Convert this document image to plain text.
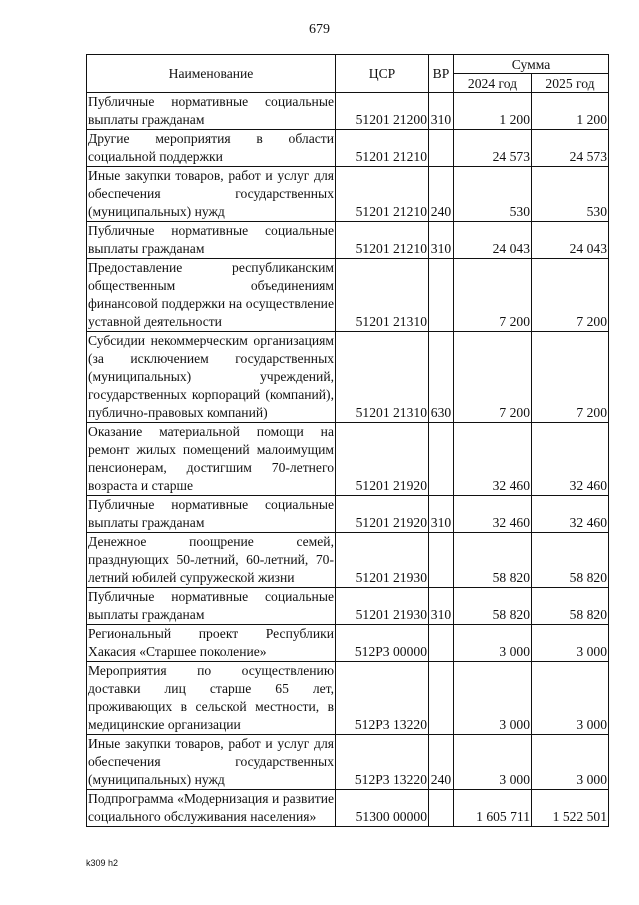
679
Наименование	ЦСР	ВР	Сумма	
			2024 год	2025 год
Публичные нормативные социальные выплаты гражданам	51201 21200	310	1 200	1 200
Другие мероприятия в области социальной поддержки	51201 21210		24 573	24 573
Иные закупки товаров, работ и услуг для обеспечения государственных (муниципальных) нужд	51201 21210	240	530	530
Публичные нормативные социальные выплаты гражданам	51201 21210	310	24 043	24 043
Предоставление республиканским общественным объединениям финансовой поддержки на осуществление уставной деятельности	51201 21310		7 200	7 200
Субсидии некоммерческим организациям (за исключением государственных (муниципальных) учреждений, государственных корпораций (компаний), публично-правовых компаний)	51201 21310	630	7 200	7 200
Оказание материальной помощи на ремонт жилых помещений малоимущим пенсионерам, достигшим 70-летнего возраста и старше	51201 21920		32 460	32 460
Публичные нормативные социальные выплаты гражданам	51201 21920	310	32 460	32 460
Денежное поощрение семей, празднующих 50-летний, 60-летний, 70-летний юбилей супружеской жизни	51201 21930		58 820	58 820
Публичные нормативные социальные выплаты гражданам	51201 21930	310	58 820	58 820
Региональный проект Республики Хакасия «Старшее поколение»	512P3 00000		3 000	3 000
Мероприятия по осуществлению доставки лиц старше 65 лет, проживающих в сельской местности, в медицинские организации	512P3 13220		3 000	3 000
Иные закупки товаров, работ и услуг для обеспечения государственных (муниципальных) нужд	512P3 13220	240	3 000	3 000
Подпрограмма «Модернизация и развитие социального обслуживания населения»	51300 00000		1 605 711	1 522 501
k309 h2
